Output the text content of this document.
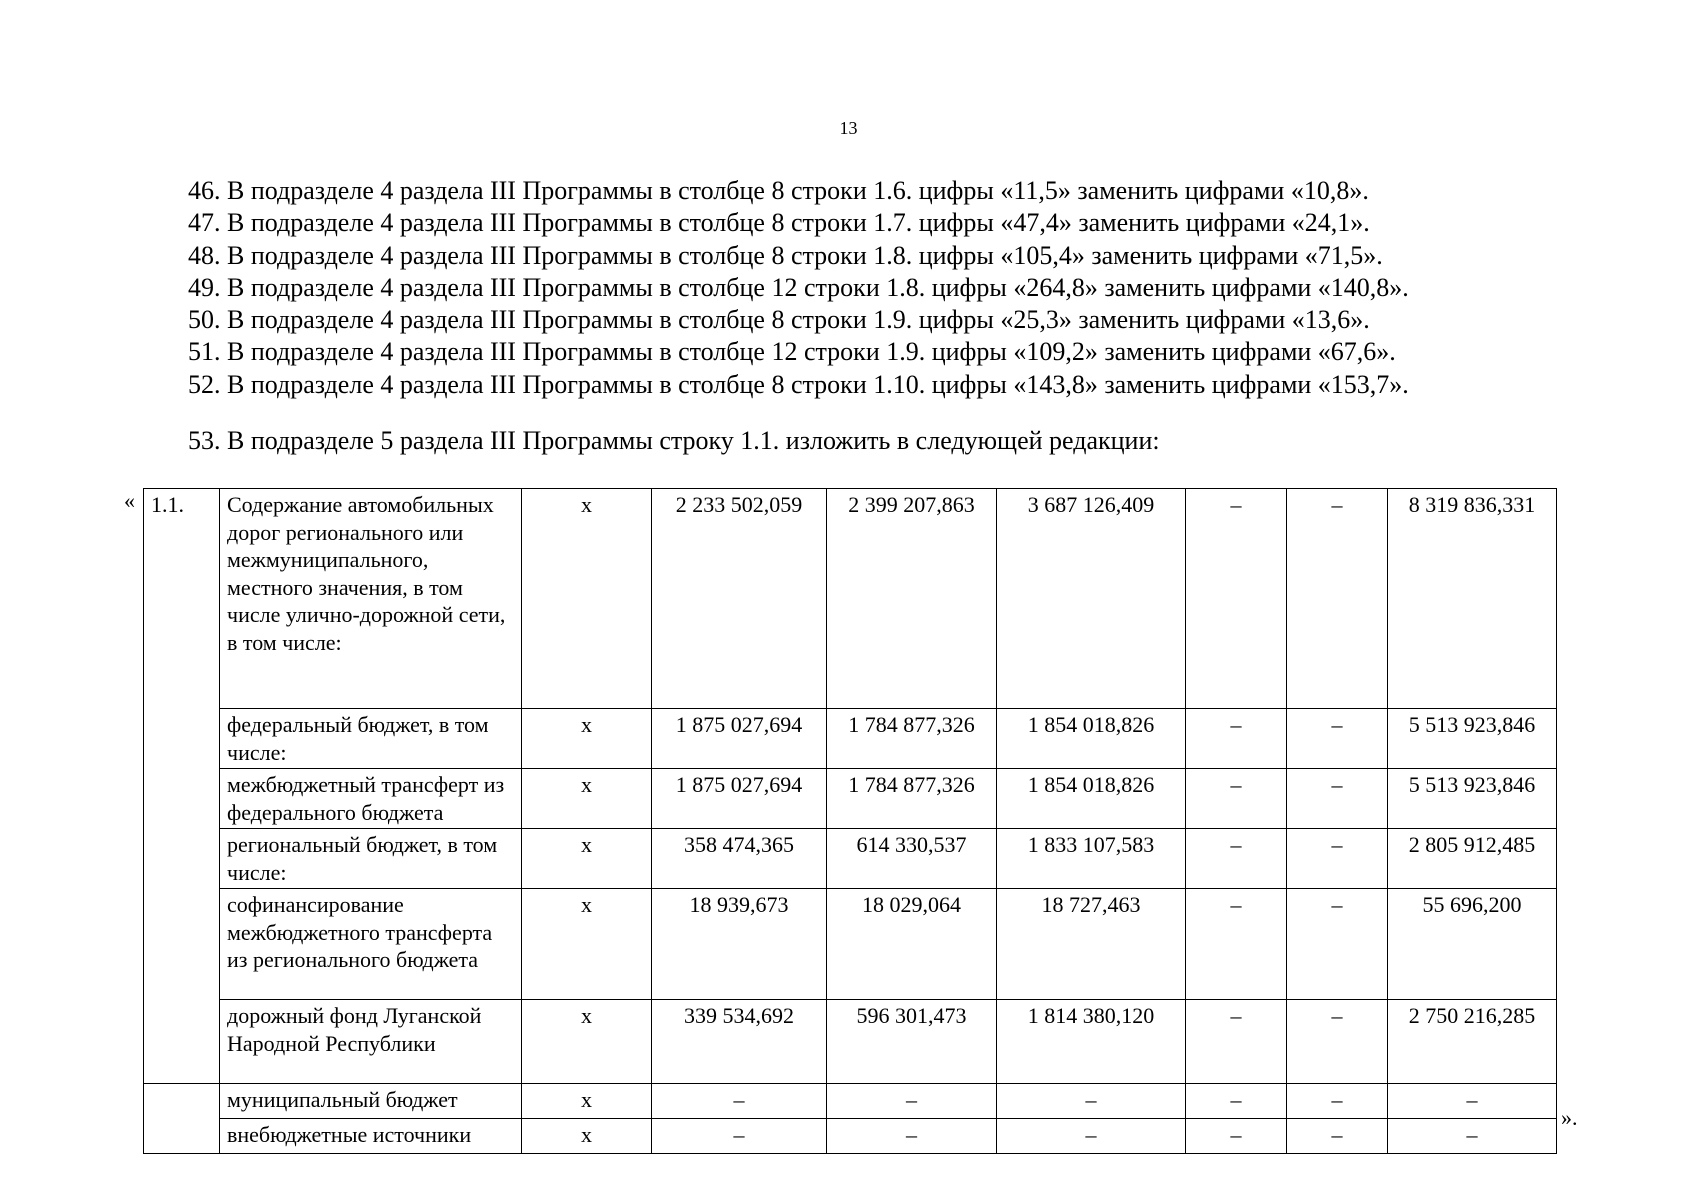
13
46. В подразделе 4 раздела III Программы в столбце 8 строки 1.6. цифры «11,5» заменить цифрами «10,8».
47. В подразделе 4 раздела III Программы в столбце 8 строки 1.7. цифры «47,4» заменить цифрами «24,1».
48. В подразделе 4 раздела III Программы в столбце 8 строки 1.8. цифры «105,4» заменить цифрами «71,5».
49. В подразделе 4 раздела III Программы в столбце 12 строки 1.8. цифры «264,8» заменить цифрами «140,8».
50. В подразделе 4 раздела III Программы в столбце 8 строки 1.9. цифры «25,3» заменить цифрами «13,6».
51. В подразделе 4 раздела III Программы в столбце 12 строки 1.9. цифры «109,2» заменить цифрами «67,6».
52. В подразделе 4 раздела III Программы в столбце 8 строки 1.10. цифры «143,8» заменить цифрами «153,7».
53. В подразделе 5 раздела III Программы строку 1.1. изложить в следующей редакции:
« 1.1.	Содержание автомобильных дорог регионального или межмуниципального, местного значения, в том числе улично-дорожной сети, в том числе:	х	2 233 502,059	2 399 207,863	3 687 126,409	–	–	8 319 836,331
	федеральный бюджет, в том числе:	х	1 875 027,694	1 784 877,326	1 854 018,826	–	–	5 513 923,846
	межбюджетный трансферт из федерального бюджета	х	1 875 027,694	1 784 877,326	1 854 018,826	–	–	5 513 923,846
	региональный бюджет, в том числе:	х	358 474,365	614 330,537	1 833 107,583	–	–	2 805 912,485
	софинансирование межбюджетного трансферта из регионального бюджета	х	18 939,673	18 029,064	18 727,463	–	–	55 696,200
	дорожный фонд Луганской Народной Республики	х	339 534,692	596 301,473	1 814 380,120	–	–	2 750 216,285
	муниципальный бюджет	х	–	–	–	–	–	–
	внебюджетные источники	х	–	–	–	–	–	–
».
